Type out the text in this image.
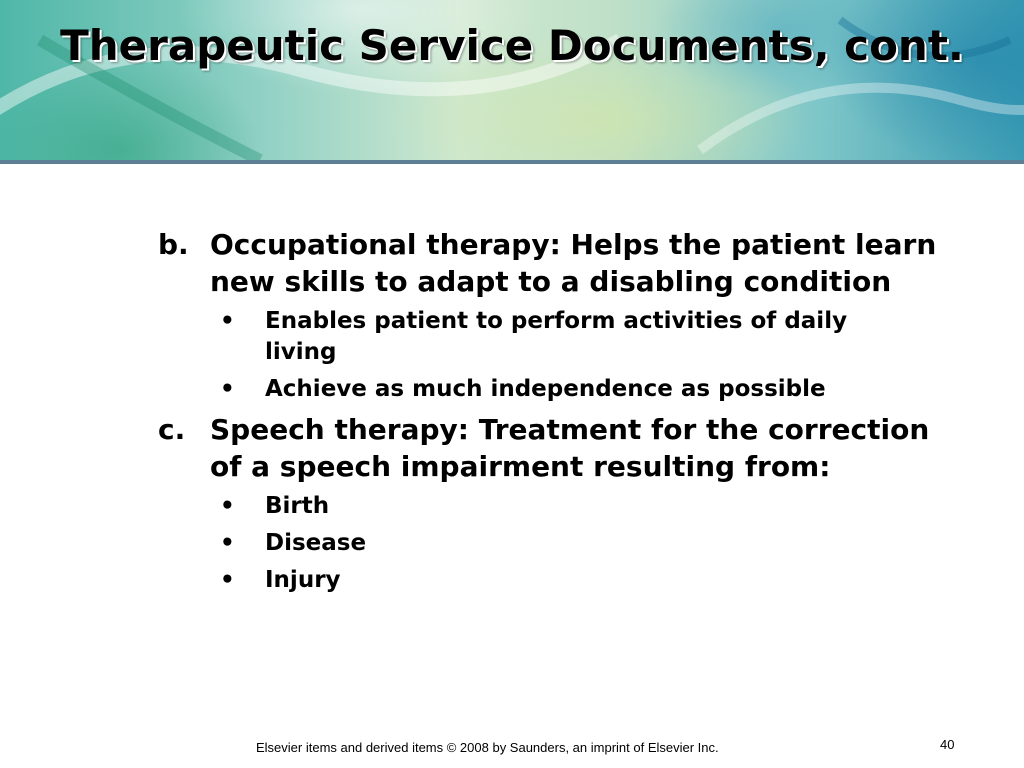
Therapeutic Service Documents, cont.
b. Occupational therapy: Helps the patient learn new skills to adapt to a disabling condition
•	Enables patient to perform activities of daily living
•	Achieve as much independence as possible
c. Speech therapy: Treatment for the correction of a speech impairment resulting from:
•	Birth
•	Disease
•	Injury
Elsevier items and derived items © 2008 by Saunders, an imprint of Elsevier Inc.	40
